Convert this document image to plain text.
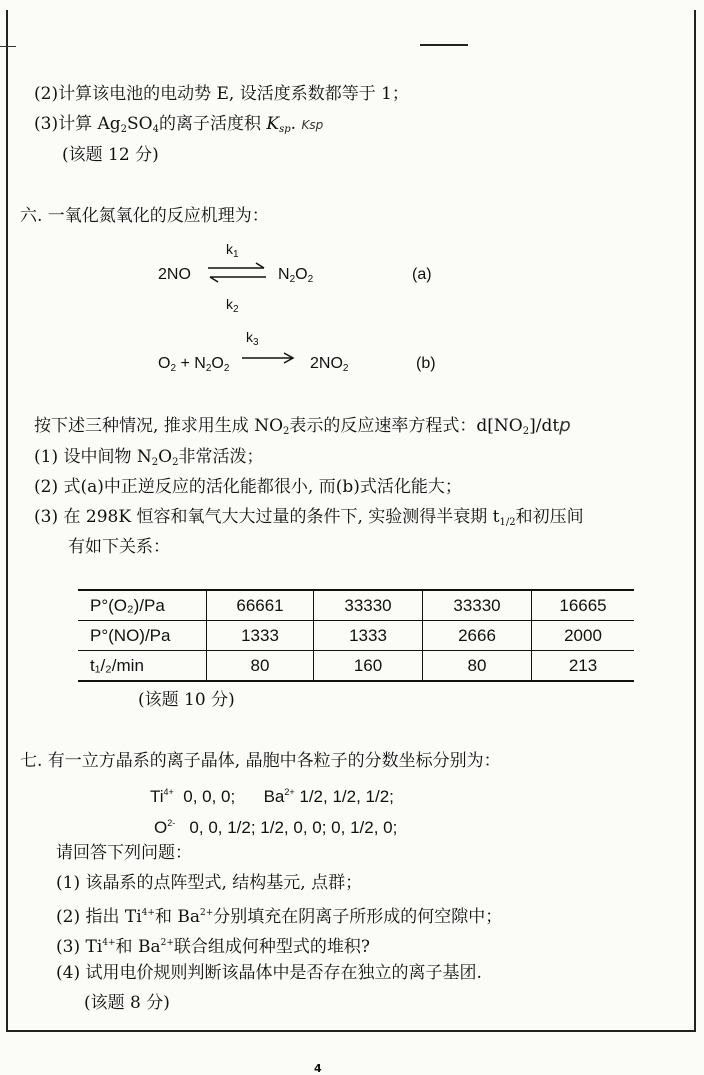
(2)计算该电池的电动势 E, 设活度系数都等于 1；
(3)计算 $Ag_2SO_4$的离子活度积 $K_{sp}$. Ksp
(该题 12 分)
六. 一氧化氮氧化的反应机理为：
2NO
$k_1$
$k_2$
$N_2O_2$	(a)
$k_3$
$O_2 + N_2O_2$	$2NO_2$	(b)
按下述三种情况, 推求用生成 $NO_2$表示的反应速率方程式：$d[NO_2]$/dtp
(1) 设中间物 $N_2O_2$非常活泼；
(2) 式(a)中正逆反应的活化能都很小, 而(b)式活化能大；
(3) 在 298K 恒容和氧气大大过量的条件下, 实验测得半衰期 $t_{1/2}$和初压间
有如下关系：
P°(O₂)/Pa	66661	33330	33330	16665
P°(NO)/Pa	1333	1333	2666	2000
t₁/₂/min	80	160	80	213
(该题 10 分)
七. 有一立方晶系的离子晶体, 晶胞中各粒子的分数坐标分别为：
$Ti^{4+}$ 0, 0, 0; $Ba^{2+}$ 1/2, 1/2, 1/2;
$O^{2-}$ 0, 0, 1/2; 1/2, 0, 0; 0, 1/2, 0;
请回答下列问题：
(1) 该晶系的点阵型式, 结构基元, 点群；
(2) 指出 $Ti^{4+}$和 $Ba^{2+}$分别填充在阴离子所形成的何空隙中；
(3) $Ti^{4+}$和 $Ba^{2+}$联合组成何种型式的堆积?
(4) 试用电价规则判断该晶体中是否存在独立的离子基团.
(该题 8 分)
4
